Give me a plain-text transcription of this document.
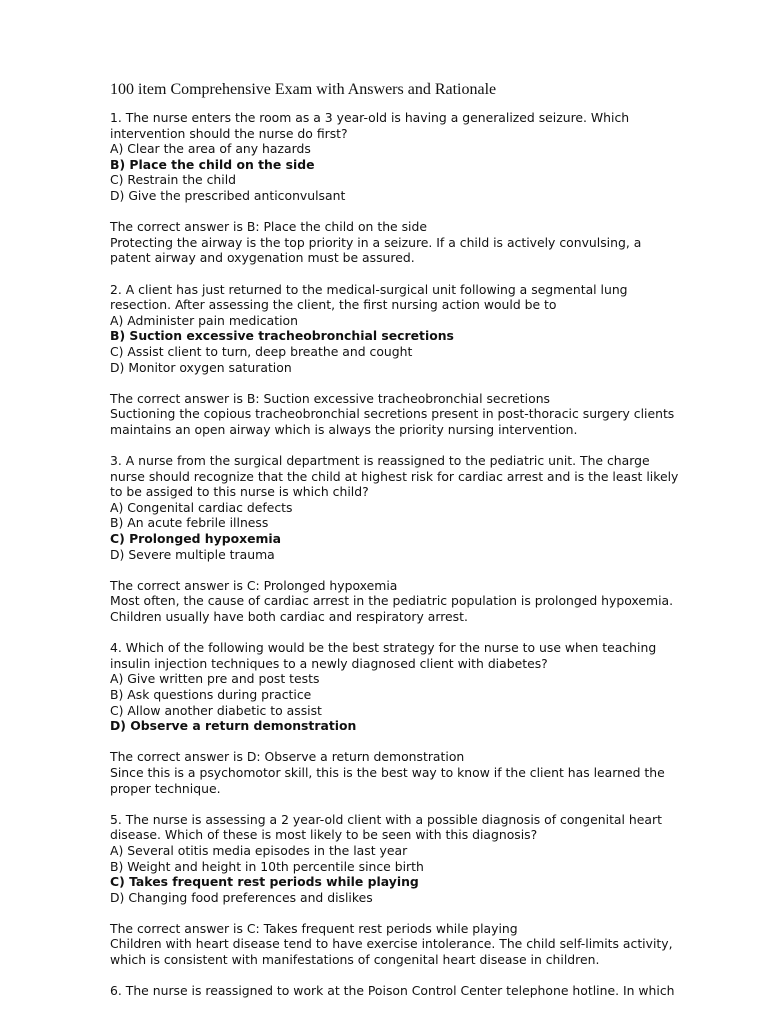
100 item Comprehensive Exam with Answers and Rationale

1. The nurse enters the room as a 3 year-old is having a generalized seizure. Which

intervention should the nurse do first?

A) Clear the area of any hazards

B) Place the child on the side

C) Restrain the child

D) Give the prescribed anticonvulsant

The correct answer is B: Place the child on the side

Protecting the airway is the top priority in a seizure. If a child is actively convulsing, a

patent airway and oxygenation must be assured.

2. A client has just returned to the medical-surgical unit following a segmental lung

resection. After assessing the client, the first nursing action would be to

A) Administer pain medication

B) Suction excessive tracheobronchial secretions

C) Assist client to turn, deep breathe and cought

D) Monitor oxygen saturation

The correct answer is B: Suction excessive tracheobronchial secretions

Suctioning the copious tracheobronchial secretions present in post-thoracic surgery clients

maintains an open airway which is always the priority nursing intervention.

3. A nurse from the surgical department is reassigned to the pediatric unit. The charge

nurse should recognize that the child at highest risk for cardiac arrest and is the least likely

to be assiged to this nurse is which child?

A) Congenital cardiac defects

B) An acute febrile illness

C) Prolonged hypoxemia

D) Severe multiple trauma

The correct answer is C: Prolonged hypoxemia

Most often, the cause of cardiac arrest in the pediatric population is prolonged hypoxemia.

Children usually have both cardiac and respiratory arrest.

4. Which of the following would be the best strategy for the nurse to use when teaching

insulin injection techniques to a newly diagnosed client with diabetes?

A) Give written pre and post tests

B) Ask questions during practice

C) Allow another diabetic to assist

D) Observe a return demonstration

The correct answer is D: Observe a return demonstration

Since this is a psychomotor skill, this is the best way to know if the client has learned the

proper technique.

5. The nurse is assessing a 2 year-old client with a possible diagnosis of congenital heart

disease. Which of these is most likely to be seen with this diagnosis?

A) Several otitis media episodes in the last year

B) Weight and height in 10th percentile since birth

C) Takes frequent rest periods while playing

D) Changing food preferences and dislikes

The correct answer is C: Takes frequent rest periods while playing

Children with heart disease tend to have exercise intolerance. The child self-limits activity,

which is consistent with manifestations of congenital heart disease in children.

6. The nurse is reassigned to work at the Poison Control Center telephone hotline. In which
